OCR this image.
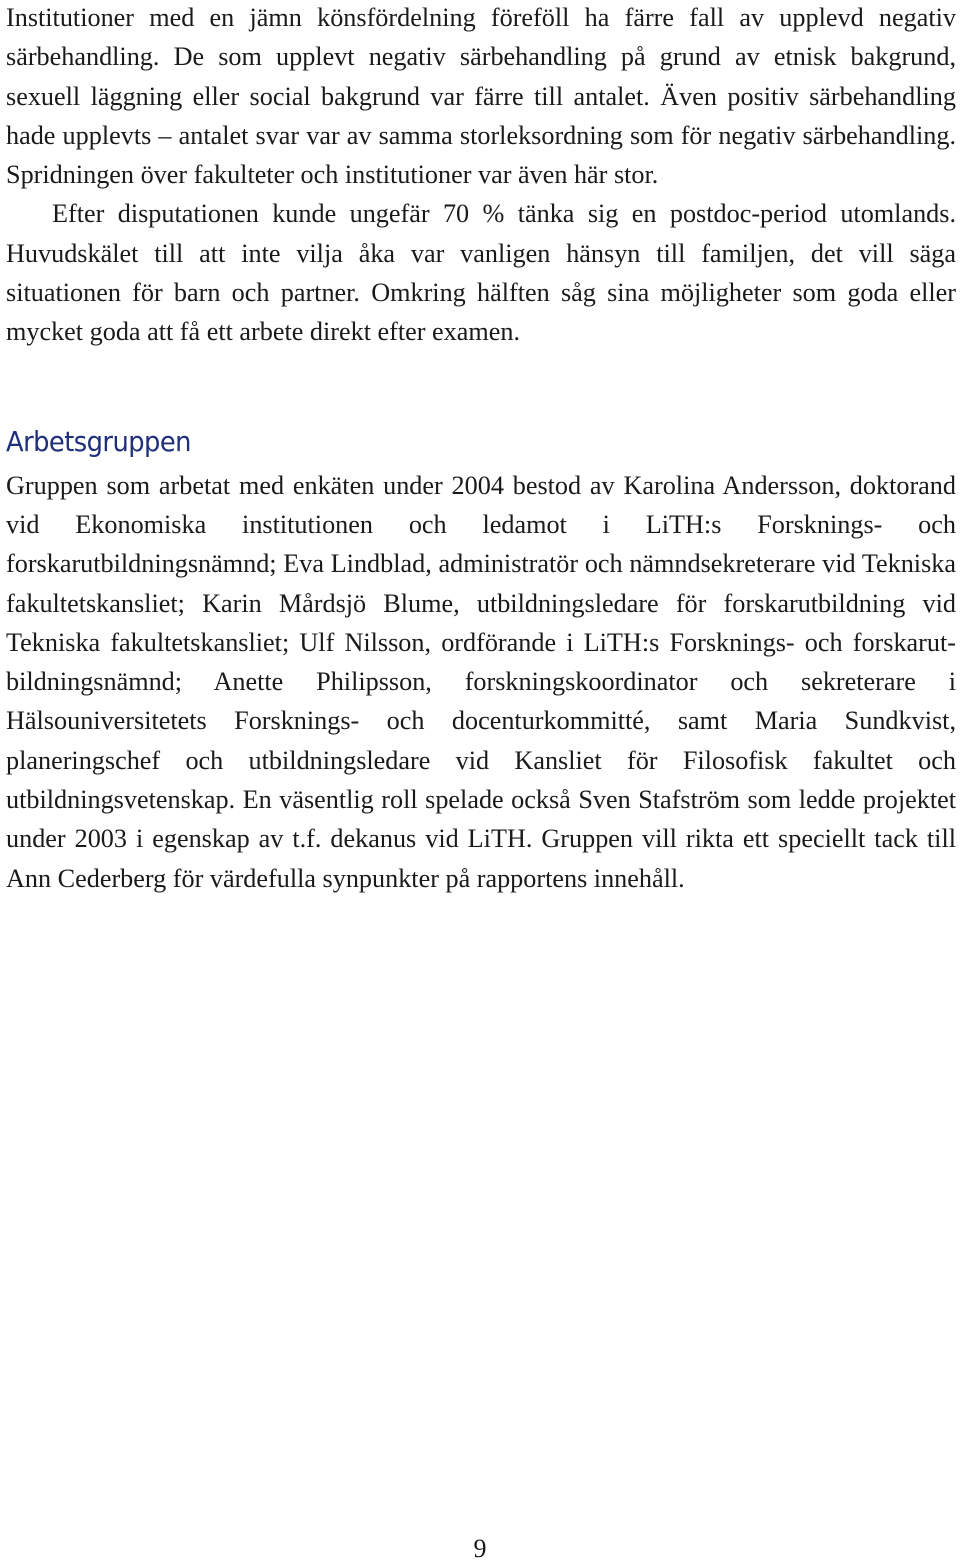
Institutioner med en jämn könsfördelning föreföll ha färre fall av upplevd negativ särbehandling. De som upplevt negativ särbehandling på grund av etnisk bakgrund, sexuell läggning eller social bakgrund var färre till antalet. Även positiv särbehandling hade upplevts – antalet svar var av samma storleksordning som för negativ särbehandling. Spridningen över fakulteter och institutioner var även här stor.

Efter disputationen kunde ungefär 70 % tänka sig en postdoc-period utomlands. Huvudskälet till att inte vilja åka var vanligen hänsyn till familjen, det vill säga situationen för barn och partner. Omkring hälften såg sina möjligheter som goda eller mycket goda att få ett arbete direkt efter examen.

Arbetsgruppen

Gruppen som arbetat med enkäten under 2004 bestod av Karolina Andersson, doktorand vid Ekonomiska institutionen och ledamot i LiTH:s Forsknings- och forskarutbildningsnämnd; Eva Lindblad, administratör och nämndsekreterare vid Tekniska fakultetskansliet; Karin Mårdsjö Blume, utbildningsledare för forskarutbildning vid Tekniska fakultetskansliet; Ulf Nilsson, ordförande i LiTH:s Forsknings- och forskarutbildningsnämnd; Anette Philipsson, forskningskoordinator och sekreterare i Hälsouniversitetets Forsknings- och docenturkommitté, samt Maria Sundkvist, planeringschef och utbildningsledare vid Kansliet för Filosofisk fakultet och utbildningsvetenskap. En väsentlig roll spelade också Sven Stafström som ledde projektet under 2003 i egenskap av t.f. dekanus vid LiTH. Gruppen vill rikta ett speciellt tack till Ann Cederberg för värdefulla synpunkter på rapportens innehåll.

9
